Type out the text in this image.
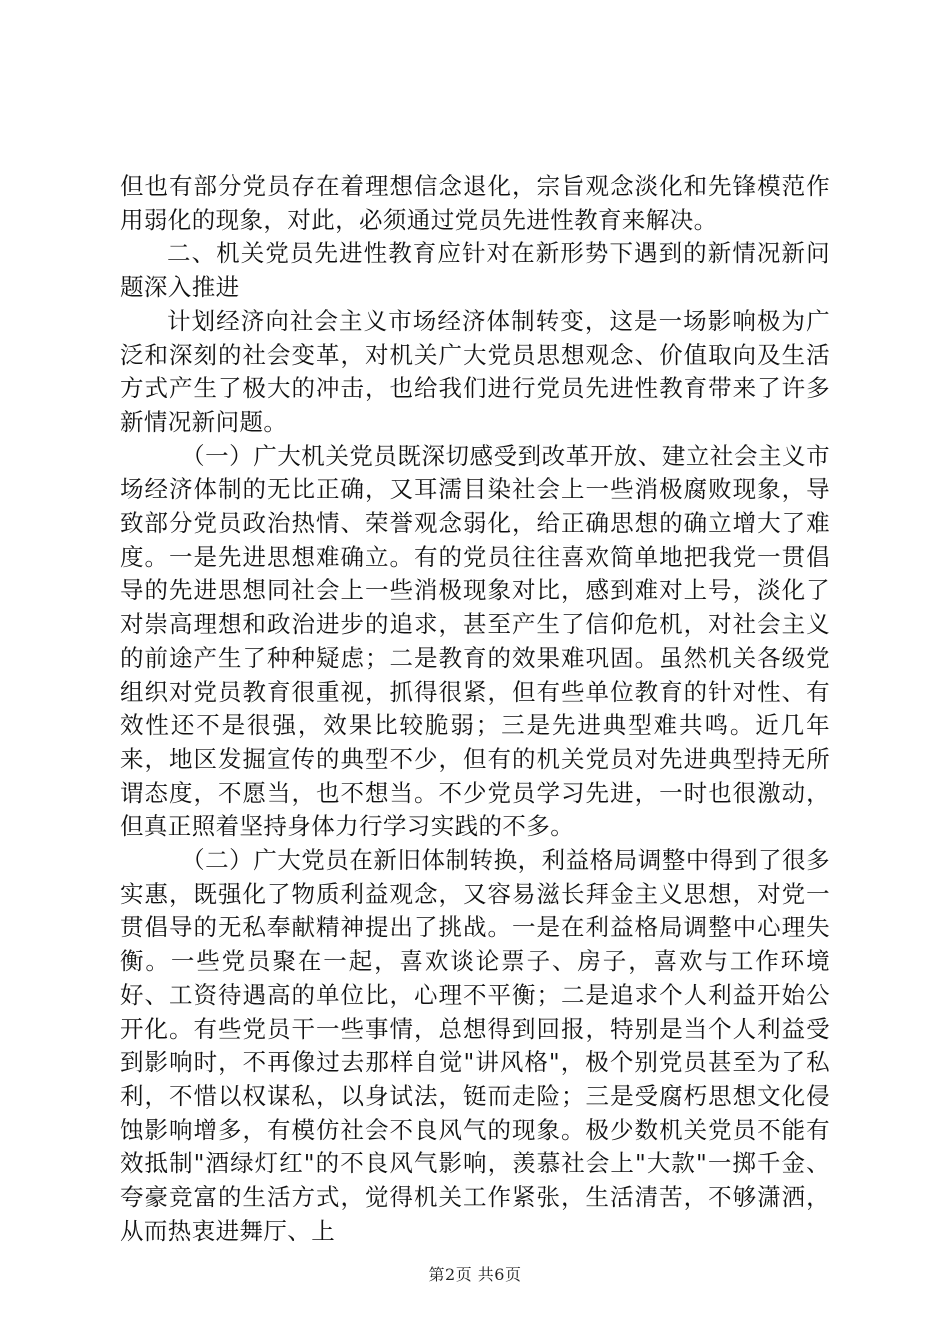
但也有部分党员存在着理想信念退化，宗旨观念淡化和先锋模范作用弱化的现象，对此，必须通过党员先进性教育来解决。

二、机关党员先进性教育应针对在新形势下遇到的新情况新问题深入推进

计划经济向社会主义市场经济体制转变，这是一场影响极为广泛和深刻的社会变革，对机关广大党员思想观念、价值取向及生活方式产生了极大的冲击，也给我们进行党员先进性教育带来了许多新情况新问题。

（一）广大机关党员既深切感受到改革开放、建立社会主义市场经济体制的无比正确，又耳濡目染社会上一些消极腐败现象，导致部分党员政治热情、荣誉观念弱化，给正确思想的确立增大了难度。一是先进思想难确立。有的党员往往喜欢简单地把我党一贯倡导的先进思想同社会上一些消极现象对比，感到难对上号，淡化了对崇高理想和政治进步的追求，甚至产生了信仰危机，对社会主义的前途产生了种种疑虑；二是教育的效果难巩固。虽然机关各级党组织对党员教育很重视，抓得很紧，但有些单位教育的针对性、有效性还不是很强，效果比较脆弱；三是先进典型难共鸣。近几年来，地区发掘宣传的典型不少，但有的机关党员对先进典型持无所谓态度，不愿当，也不想当。不少党员学习先进，一时也很激动，但真正照着坚持身体力行学习实践的不多。

（二）广大党员在新旧体制转换，利益格局调整中得到了很多实惠，既强化了物质利益观念，又容易滋长拜金主义思想，对党一贯倡导的无私奉献精神提出了挑战。一是在利益格局调整中心理失衡。一些党员聚在一起，喜欢谈论票子、房子，喜欢与工作环境好、工资待遇高的单位比，心理不平衡；二是追求个人利益开始公开化。有些党员干一些事情，总想得到回报，特别是当个人利益受到影响时，不再像过去那样自觉"讲风格"，极个别党员甚至为了私利，不惜以权谋私，以身试法，铤而走险；三是受腐朽思想文化侵蚀影响增多，有模仿社会不良风气的现象。极少数机关党员不能有效抵制"酒绿灯红"的不良风气影响，羡慕社会上"大款"一掷千金、夸豪竞富的生活方式，觉得机关工作紧张，生活清苦，不够潇洒，从而热衷进舞厅、上

第2页 共6页
